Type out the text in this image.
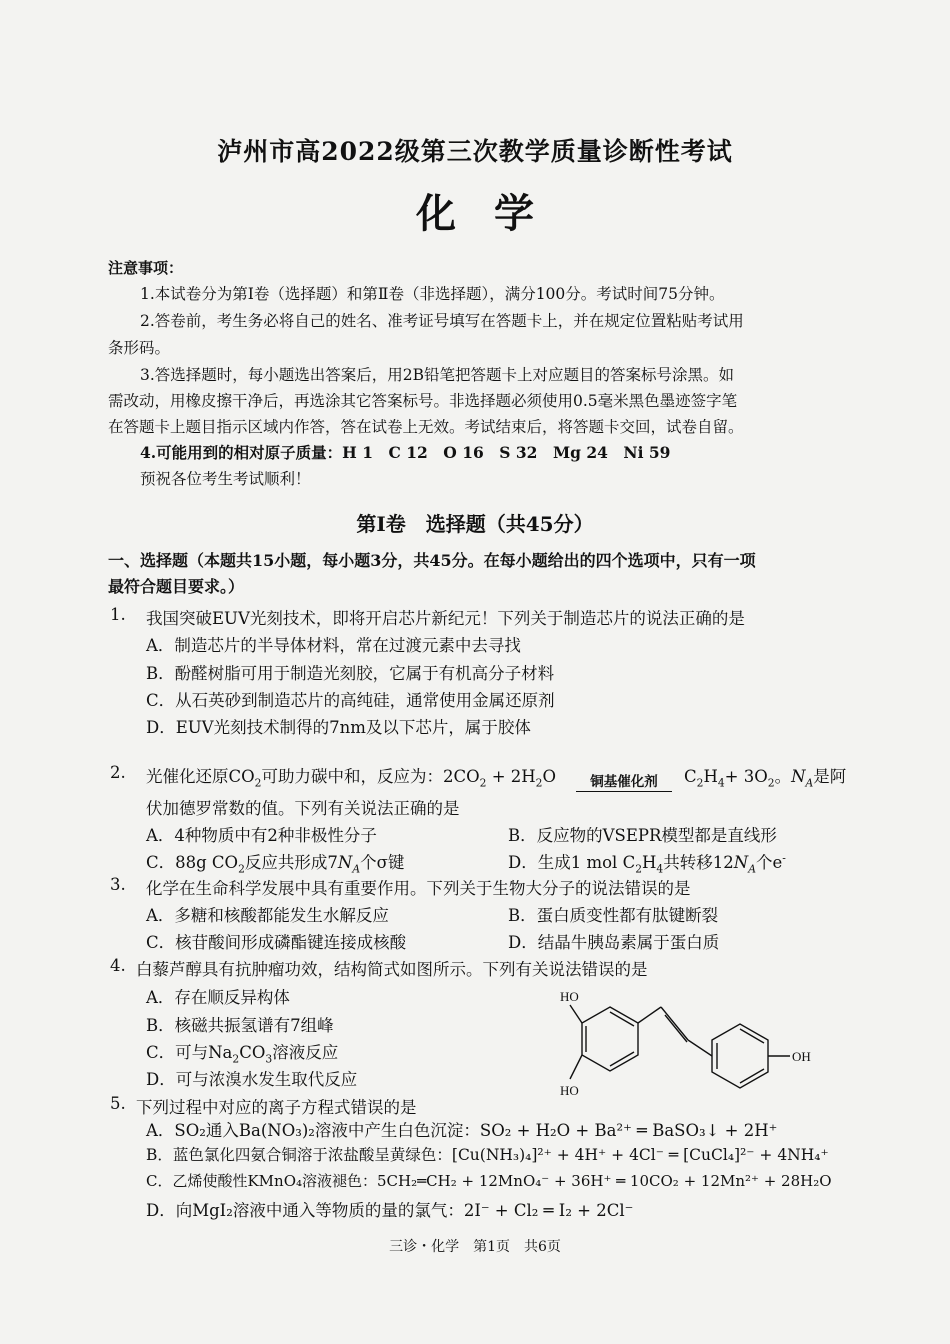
泸州市高2022级第三次教学质量诊断性考试
化学
注意事项：
1.本试卷分为第Ⅰ卷（选择题）和第Ⅱ卷（非选择题），满分100分。考试时间75分钟。
2.答卷前，考生务必将自己的姓名、准考证号填写在答题卡上，并在规定位置粘贴考试用
条形码。
3.答选择题时，每小题选出答案后，用2B铅笔把答题卡上对应题目的答案标号涂黑。如
需改动，用橡皮擦干净后，再选涂其它答案标号。非选择题必须使用0.5毫米黑色墨迹签字笔
在答题卡上题目指示区域内作答，答在试卷上无效。考试结束后，将答题卡交回，试卷自留。
4.可能用到的相对原子质量：H 1　C 12　O 16　S 32　Mg 24　Ni 59
预祝各位考生考试顺利！
第Ⅰ卷　选择题（共45分）
一、选择题（本题共15小题，每小题3分，共45分。在每小题给出的四个选项中，只有一项
最符合题目要求。）
1. 我国突破EUV光刻技术，即将开启芯片新纪元！下列关于制造芯片的说法正确的是
A．制造芯片的半导体材料，常在过渡元素中去寻找
B．酚醛树脂可用于制造光刻胶，它属于有机高分子材料
C．从石英砂到制造芯片的高纯硅，通常使用金属还原剂
D．EUV光刻技术制得的7nm及以下芯片，属于胶体
2. 光催化还原$CO_2$可助力碳中和，反应为：$2CO_2 + 2H_2O$	铜基催化剂	$C_2H_4+ 3O_2$。$N_A$是阿
伏加德罗常数的值。下列有关说法正确的是
A．4种物质中有2种非极性分子	B．反应物的VSEPR模型都是直线形
C．88g $CO_2$反应共形成$7N_A$个σ键	D．生成1 mol $C_2H_4$共转移$12N_A$个e-
3. 化学在生命科学发展中具有重要作用。下列关于生物大分子的说法错误的是
A．多糖和核酸都能发生水解反应	B．蛋白质变性都有肽键断裂
C．核苷酸间形成磷酯键连接成核酸	D．结晶牛胰岛素属于蛋白质
4. 白藜芦醇具有抗肿瘤功效，结构简式如图所示。下列有关说法错误的是
A．存在顺反异构体
B．核磁共振氢谱有7组峰
C．可与$Na_2CO_3$溶液反应
D．可与浓溴水发生取代反应
HO
HO
OH
5. 下列过程中对应的离子方程式错误的是
A．SO₂通入Ba(NO₃)₂溶液中产生白色沉淀：SO₂ + H₂O + Ba²⁺ ═ BaSO₃↓ + 2H⁺
B．蓝色氯化四氨合铜溶于浓盐酸呈黄绿色：[Cu(NH₃)₄]²⁺ + 4H⁺ + 4Cl⁻ ═ [CuCl₄]²⁻ + 4NH₄⁺
C．乙烯使酸性KMnO₄溶液褪色：5CH₂═CH₂ + 12MnO₄⁻ + 36H⁺ ═ 10CO₂ + 12Mn²⁺ + 28H₂O
D．向MgI₂溶液中通入等物质的量的氯气：2I⁻ + Cl₂ ═ I₂ + 2Cl⁻
三诊・化学　第1页　共6页
